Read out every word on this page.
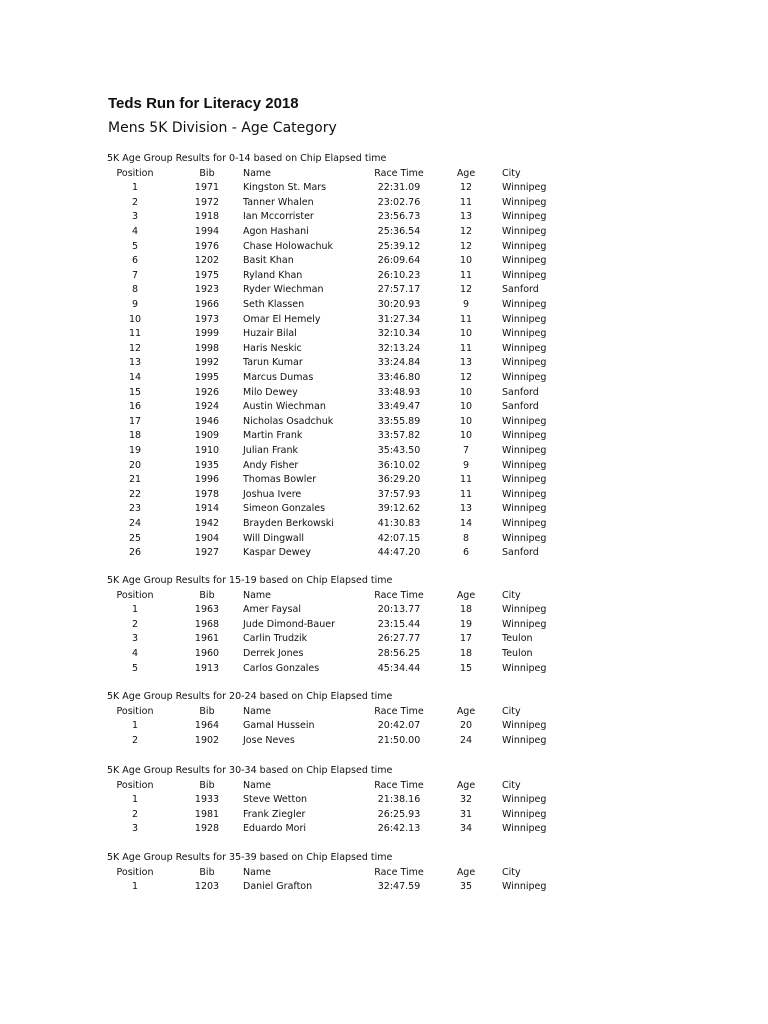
Teds Run for Literacy 2018
Mens 5K Division - Age Category
5K Age Group Results for 0-14 based on Chip Elapsed time
Position	Bib	Name	Race Time	Age	City
1	1971	Kingston St. Mars	22:31.09	12	Winnipeg
2	1972	Tanner Whalen	23:02.76	11	Winnipeg
3	1918	Ian Mccorrister	23:56.73	13	Winnipeg
4	1994	Agon Hashani	25:36.54	12	Winnipeg
5	1976	Chase Holowachuk	25:39.12	12	Winnipeg
6	1202	Basit Khan	26:09.64	10	Winnipeg
7	1975	Ryland Khan	26:10.23	11	Winnipeg
8	1923	Ryder Wiechman	27:57.17	12	Sanford
9	1966	Seth Klassen	30:20.93	9	Winnipeg
10	1973	Omar El Hemely	31:27.34	11	Winnipeg
11	1999	Huzair Bilal	32:10.34	10	Winnipeg
12	1998	Haris Neskic	32:13.24	11	Winnipeg
13	1992	Tarun Kumar	33:24.84	13	Winnipeg
14	1995	Marcus Dumas	33:46.80	12	Winnipeg
15	1926	Milo Dewey	33:48.93	10	Sanford
16	1924	Austin Wiechman	33:49.47	10	Sanford
17	1946	Nicholas Osadchuk	33:55.89	10	Winnipeg
18	1909	Martin Frank	33:57.82	10	Winnipeg
19	1910	Julian Frank	35:43.50	7	Winnipeg
20	1935	Andy Fisher	36:10.02	9	Winnipeg
21	1996	Thomas Bowler	36:29.20	11	Winnipeg
22	1978	Joshua Ivere	37:57.93	11	Winnipeg
23	1914	Simeon Gonzales	39:12.62	13	Winnipeg
24	1942	Brayden Berkowski	41:30.83	14	Winnipeg
25	1904	Will Dingwall	42:07.15	8	Winnipeg
26	1927	Kaspar Dewey	44:47.20	6	Sanford
5K Age Group Results for 15-19 based on Chip Elapsed time
Position	Bib	Name	Race Time	Age	City
1	1963	Amer Faysal	20:13.77	18	Winnipeg
2	1968	Jude Dimond-Bauer	23:15.44	19	Winnipeg
3	1961	Carlin Trudzik	26:27.77	17	Teulon
4	1960	Derrek Jones	28:56.25	18	Teulon
5	1913	Carlos Gonzales	45:34.44	15	Winnipeg
5K Age Group Results for 20-24 based on Chip Elapsed time
Position	Bib	Name	Race Time	Age	City
1	1964	Gamal Hussein	20:42.07	20	Winnipeg
2	1902	Jose Neves	21:50.00	24	Winnipeg
5K Age Group Results for 30-34 based on Chip Elapsed time
Position	Bib	Name	Race Time	Age	City
1	1933	Steve Wetton	21:38.16	32	Winnipeg
2	1981	Frank Ziegler	26:25.93	31	Winnipeg
3	1928	Eduardo Mori	26:42.13	34	Winnipeg
5K Age Group Results for 35-39 based on Chip Elapsed time
Position	Bib	Name	Race Time	Age	City
1	1203	Daniel Grafton	32:47.59	35	Winnipeg
